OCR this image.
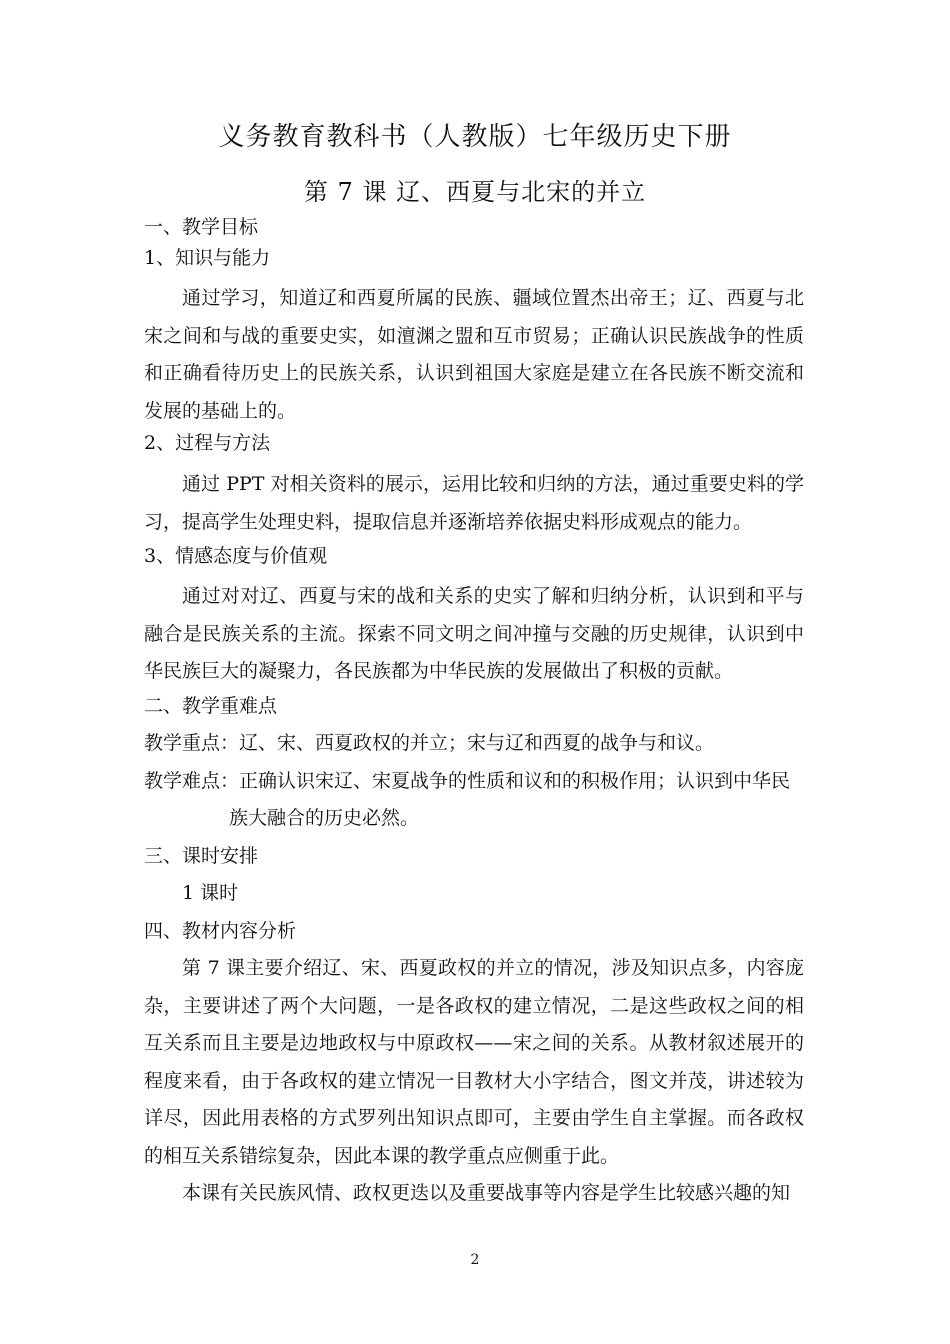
义务教育教科书（人教版）七年级历史下册
第 7 课 辽、西夏与北宋的并立
一、教学目标
1、知识与能力
通过学习，知道辽和西夏所属的民族、疆域位置杰出帝王；辽、西夏与北宋之间和与战的重要史实，如澶渊之盟和互市贸易；正确认识民族战争的性质和正确看待历史上的民族关系，认识到祖国大家庭是建立在各民族不断交流和发展的基础上的。
2、过程与方法
通过 PPT 对相关资料的展示，运用比较和归纳的方法，通过重要史料的学习，提高学生处理史料，提取信息并逐渐培养依据史料形成观点的能力。
3、情感态度与价值观
通过对对辽、西夏与宋的战和关系的史实了解和归纳分析，认识到和平与融合是民族关系的主流。探索不同文明之间冲撞与交融的历史规律，认识到中华民族巨大的凝聚力，各民族都为中华民族的发展做出了积极的贡献。
二、教学重难点
教学重点：辽、宋、西夏政权的并立；宋与辽和西夏的战争与和议。
教学难点： 正确认识宋辽、宋夏战争的性质和议和的积极作用；认识到中华民
族大融合的历史必然。
三、课时安排
1 课时
四、教材内容分析
第 7 课主要介绍辽、宋、西夏政权的并立的情况，涉及知识点多，内容庞杂，主要讲述了两个大问题，一是各政权的建立情况，二是这些政权之间的相互关系而且主要是边地政权与中原政权——宋之间的关系。从教材叙述展开的程度来看，由于各政权的建立情况一目教材大小字结合，图文并茂，讲述较为详尽，因此用表格的方式罗列出知识点即可，主要由学生自主掌握。而各政权的相互关系错综复杂，因此本课的教学重点应侧重于此。
本课有关民族风情、政权更迭以及重要战事等内容是学生比较感兴趣的知
2
